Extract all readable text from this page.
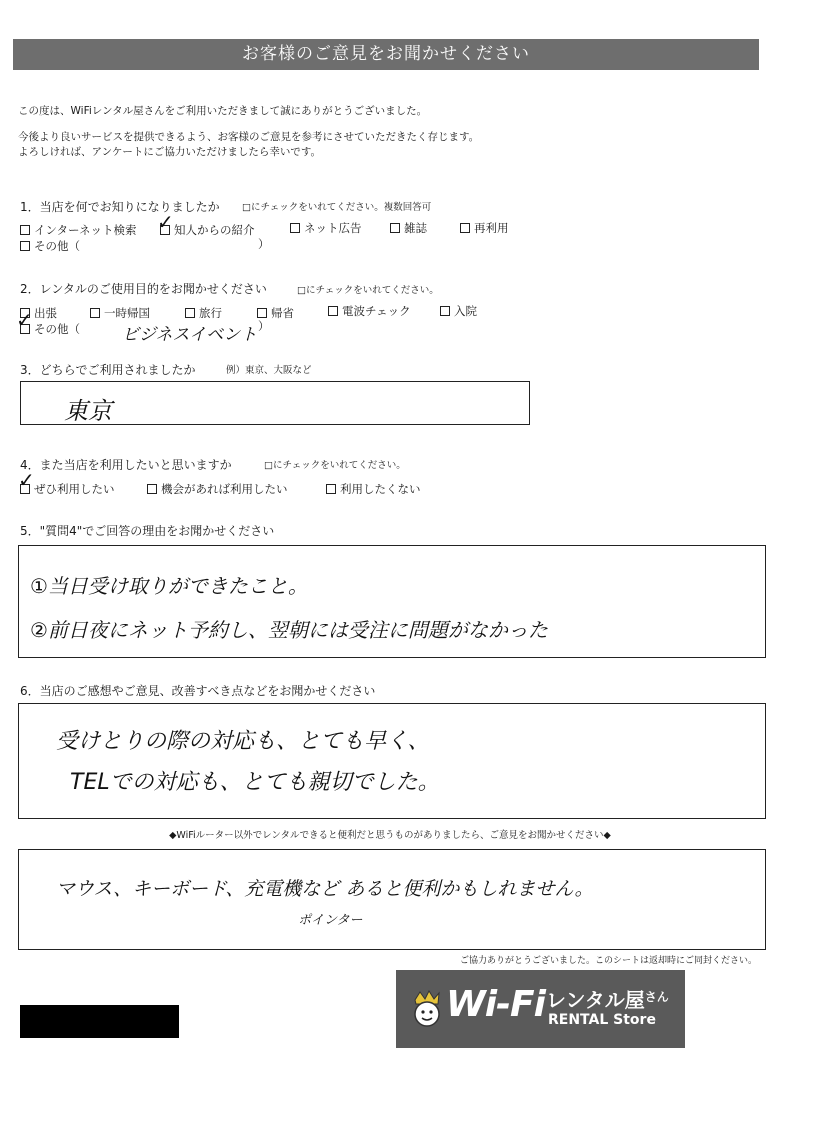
お客様のご意見をお聞かせください
この度は、WiFiレンタル屋さんをご利用いただきまして誠にありがとうございました。
今後より良いサービスを提供できるよう、お客様のご意見を参考にさせていただきたく存じます。
よろしければ、アンケートにご協力いただけましたら幸いです。
1．当店を何でお知りになりましたか □にチェックをいれてください。複数回答可
インターネット検索	知人からの紹介
✓	ネット広告	雑誌	再利用
その他（	）
2．レンタルのご使用目的をお聞かせください	□にチェックをいれてください。
出張	一時帰国	旅行	帰省	電波チェック	入院
その他（
✓
ビジネスイベント ）
3．どちらでご利用されましたか	例）東京、大阪など
東京
4．また当店を利用したいと思いますか	□にチェックをいれてください。
ぜひ利用したい
✓	機会があれば利用したい	利用したくない
5．"質問4"でご回答の理由をお聞かせください
①当日受け取りができたこと。
②前日夜にネット予約し、翌朝には受注に問題がなかった
6．当店のご感想やご意見、改善すべき点などをお聞かせください
受けとりの際の対応も、とても早く、
TELでの対応も、とても親切でした。
◆WiFiルーター以外でレンタルできると便利だと思うものがありましたら、ご意見をお聞かせください◆
マウス、キーボード、充電機など あると便利かもしれません。
ポインター
ご協力ありがとうございました。このシートは返却時にご同封ください。
Wi-Fi レンタル屋$^{さん}$
RENTAL Store
